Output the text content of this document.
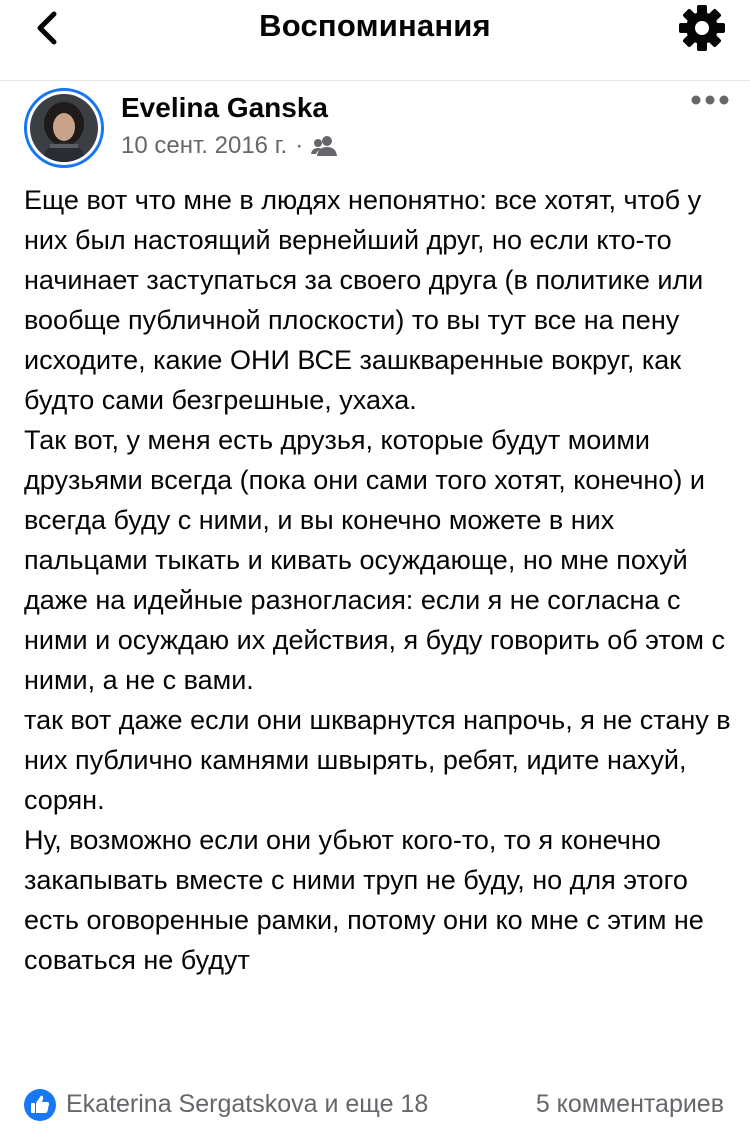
Воспоминания
Evelina Ganska
10 сент. 2016 г. ·

Еще вот что мне в людях непонятно: все хотят, чтоб у них был настоящий вернейший друг, но если кто-то начинает заступаться за своего друга (в политике или вообще публичной плоскости) то вы тут все на пену исходите, какие ОНИ ВСЕ зашкваренные вокруг, как будто сами безгрешные, ухаха.

Так вот, у меня есть друзья, которые будут моими друзьями всегда (пока они сами того хотят, конечно) и всегда буду с ними, и вы конечно можете в них пальцами тыкать и кивать осуждающе, но мне похуй даже на идейные разногласия: если я не согласна с ними и осуждаю их действия, я буду говорить об этом с ними, а не с вами.

так вот даже если они шкварнутся напрочь, я не стану в них публично камнями швырять, ребят, идите нахуй, сорян.

Ну, возможно если они убьют кого-то, то я конечно закапывать вместе с ними труп не буду, но для этого есть оговоренные рамки, потому они ко мне с этим не соваться не будут

Ekaterina Sergatskova и еще 18	5 комментариев
